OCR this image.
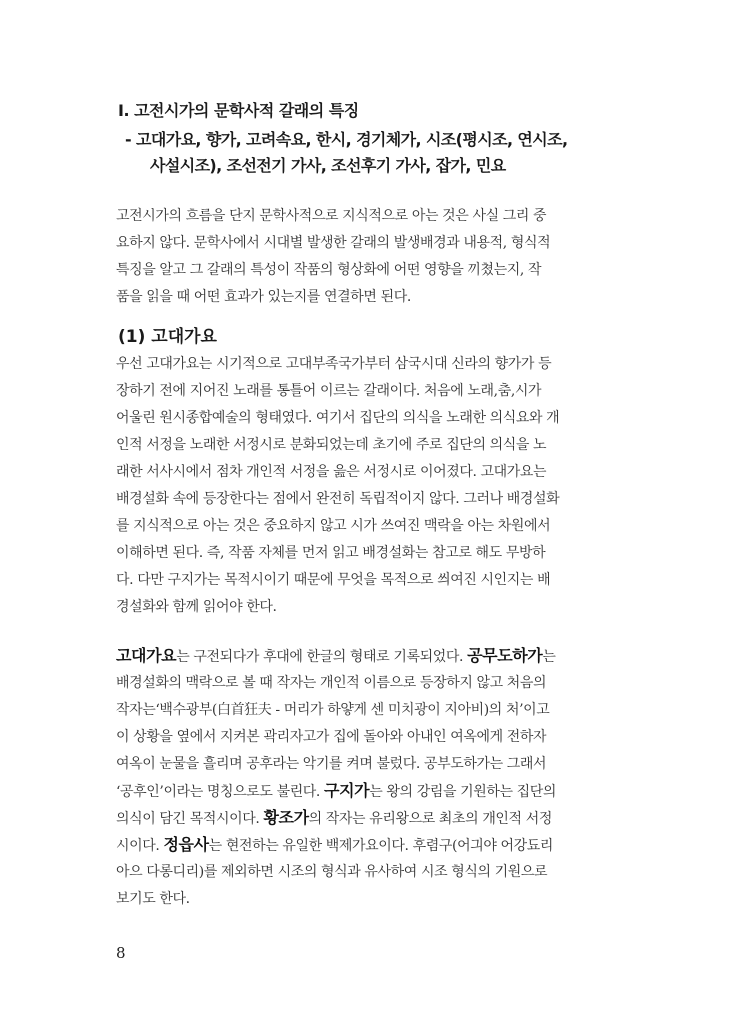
Ⅰ. 고전시가의 문학사적 갈래의 특징
- 고대가요, 향가, 고려속요, 한시, 경기체가, 시조(평시조, 연시조,
사설시조), 조선전기 가사, 조선후기 가사, 잡가, 민요
고전시가의 흐름을 단지 문학사적으로 지식적으로 아는 것은 사실 그리 중
요하지 않다. 문학사에서 시대별 발생한 갈래의 발생배경과 내용적, 형식적
특징을 알고 그 갈래의 특성이 작품의 형상화에 어떤 영향을 끼쳤는지, 작
품을 읽을 때 어떤 효과가 있는지를 연결하면 된다.
(1) 고대가요
우선 고대가요는 시기적으로 고대부족국가부터 삼국시대 신라의 향가가 등
장하기 전에 지어진 노래를 통틀어 이르는 갈래이다. 처음에 노래,춤,시가
어울린 원시종합예술의 형태였다. 여기서 집단의 의식을 노래한 의식요와 개
인적 서정을 노래한 서정시로 분화되었는데 초기에 주로 집단의 의식을 노
래한 서사시에서 점차 개인적 서정을 읊은 서정시로 이어졌다. 고대가요는
배경설화 속에 등장한다는 점에서 완전히 독립적이지 않다. 그러나 배경설화
를 지식적으로 아는 것은 중요하지 않고 시가 쓰여진 맥락을 아는 차원에서
이해하면 된다. 즉, 작품 자체를 먼저 읽고 배경설화는 참고로 해도 무방하
다. 다만 구지가는 목적시이기 때문에 무엇을 목적으로 씌여진 시인지는 배
경설화와 함께 읽어야 한다.
고대가요는 구전되다가 후대에 한글의 형태로 기록되었다. 공무도하가는
배경설화의 맥락으로 볼 때 작자는 개인적 이름으로 등장하지 않고 처음의
작자는‘백수광부(白首狂夫 - 머리가 하얗게 센 미치광이 지아비)의 처’이고
이 상황을 옆에서 지켜본 곽리자고가 집에 돌아와 아내인 여옥에게 전하자
여옥이 눈물을 흘리며 공후라는 악기를 켜며 불렀다. 공부도하가는 그래서
‘공후인’이라는 명칭으로도 불린다. 구지가는 왕의 강림을 기원하는 집단의
의식이 담긴 목적시이다. 황조가의 작자는 유리왕으로 최초의 개인적 서정
시이다. 정읍사는 현전하는 유일한 백제가요이다. 후렴구(어긔야 어강됴리
아으 다롱디리)를 제외하면 시조의 형식과 유사하여 시조 형식의 기원으로
보기도 한다.
8
